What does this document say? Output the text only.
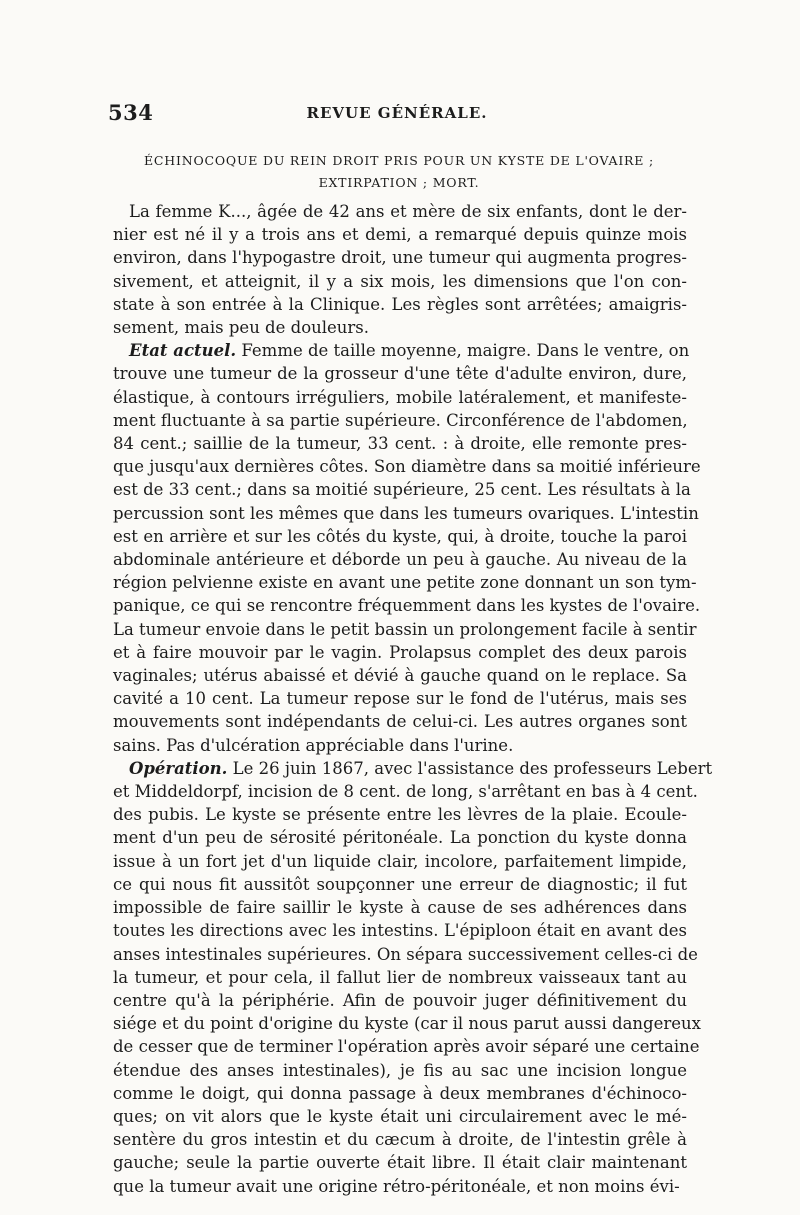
534	REVUE GÉNÉRALE.
ÉCHINOCOQUE DU REIN DROIT PRIS POUR UN KYSTE DE L'OVAIRE ;
EXTIRPATION ; MORT.
La femme K..., âgée de 42 ans et mère de six enfants, dont le der-
nier est né il y a trois ans et demi, a remarqué depuis quinze mois
environ, dans l'hypogastre droit, une tumeur qui augmenta progres-
sivement, et atteignit, il y a six mois, les dimensions que l'on con-
state à son entrée à la Clinique. Les règles sont arrêtées; amaigris-
sement, mais peu de douleurs.
Etat actuel. Femme de taille moyenne, maigre. Dans le ventre, on
trouve une tumeur de la grosseur d'une tête d'adulte environ, dure,
élastique, à contours irréguliers, mobile latéralement, et manifeste-
ment fluctuante à sa partie supérieure. Circonférence de l'abdomen,
84 cent.; saillie de la tumeur, 33 cent. : à droite, elle remonte pres-
que jusqu'aux dernières côtes. Son diamètre dans sa moitié inférieure
est de 33 cent.; dans sa moitié supérieure, 25 cent. Les résultats à la
percussion sont les mêmes que dans les tumeurs ovariques. L'intestin
est en arrière et sur les côtés du kyste, qui, à droite, touche la paroi
abdominale antérieure et déborde un peu à gauche. Au niveau de la
région pelvienne existe en avant une petite zone donnant un son tym-
panique, ce qui se rencontre fréquemment dans les kystes de l'ovaire.
La tumeur envoie dans le petit bassin un prolongement facile à sentir
et à faire mouvoir par le vagin. Prolapsus complet des deux parois
vaginales; utérus abaissé et dévié à gauche quand on le replace. Sa
cavité a 10 cent. La tumeur repose sur le fond de l'utérus, mais ses
mouvements sont indépendants de celui-ci. Les autres organes sont
sains. Pas d'ulcération appréciable dans l'urine.
Opération. Le 26 juin 1867, avec l'assistance des professeurs Lebert
et Middeldorpf, incision de 8 cent. de long, s'arrêtant en bas à 4 cent.
des pubis. Le kyste se présente entre les lèvres de la plaie. Ecoule-
ment d'un peu de sérosité péritonéale. La ponction du kyste donna
issue à un fort jet d'un liquide clair, incolore, parfaitement limpide,
ce qui nous fit aussitôt soupçonner une erreur de diagnostic; il fut
impossible de faire saillir le kyste à cause de ses adhérences dans
toutes les directions avec les intestins. L'épiploon était en avant des
anses intestinales supérieures. On sépara successivement celles-ci de
la tumeur, et pour cela, il fallut lier de nombreux vaisseaux tant au
centre qu'à la périphérie. Afin de pouvoir juger définitivement du
siége et du point d'origine du kyste (car il nous parut aussi dangereux
de cesser que de terminer l'opération après avoir séparé une certaine
étendue des anses intestinales), je fis au sac une incision longue
comme le doigt, qui donna passage à deux membranes d'échinoco-
ques; on vit alors que le kyste était uni circulairement avec le mé-
sentère du gros intestin et du cæcum à droite, de l'intestin grêle à
gauche; seule la partie ouverte était libre. Il était clair maintenant
que la tumeur avait une origine rétro-péritonéale, et non moins évi-
